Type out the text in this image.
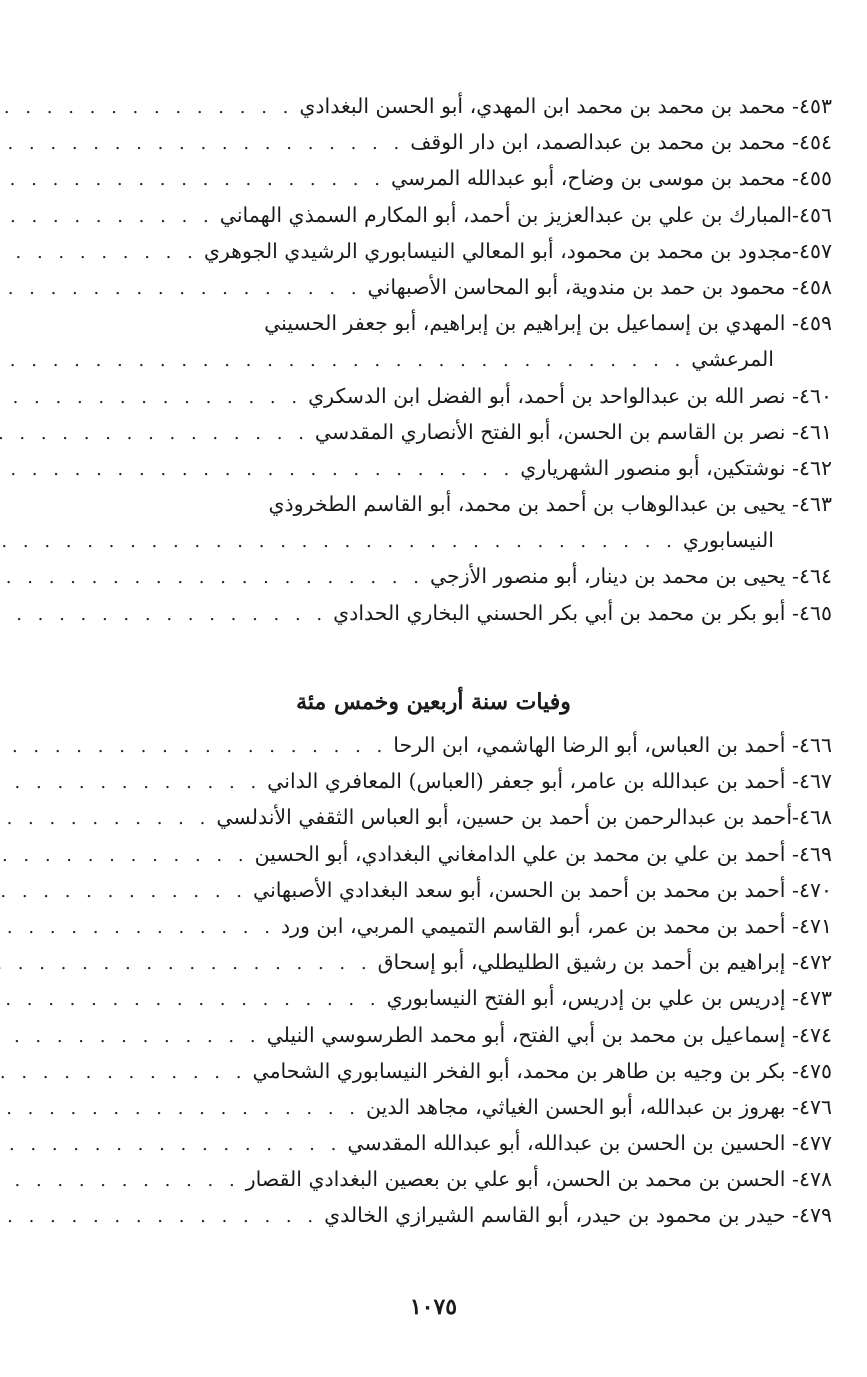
٤٥٣- محمد بن محمد بن محمد ابن المهدي، أبو الحسن البغدادي
. . .
٤٥٤- محمد بن محمد بن عبدالصمد، ابن دار الوقف
. . .
٤٥٥- محمد بن موسى بن وضاح، أبو عبدالله المرسي
. . .
٤٥٦-المبارك بن علي بن عبدالعزيز بن أحمد، أبو المكارم السمذي الهماني
. . .
٤٥٧-مجدود بن محمد بن محمود، أبو المعالي النيسابوري الرشيدي الجوهري
. . .
٤٥٨- محمود بن حمد بن مندوية، أبو المحاسن الأصبهاني
. . .
٤٥٩- المهدي بن إسماعيل بن إبراهيم بن إبراهيم، أبو جعفر الحسيني
المرعشي
. . .
٤٦٠- نصر الله بن عبدالواحد بن أحمد، أبو الفضل ابن الدسكري
. . .
٤٦١- نصر بن القاسم بن الحسن، أبو الفتح الأنصاري المقدسي
. . .
٤٦٢- نوشتكين، أبو منصور الشهرياري
. . .
٤٦٣- يحيى بن عبدالوهاب بن أحمد بن محمد، أبو القاسم الطخروذي
النيسابوري
. . .
٤٦٤- يحيى بن محمد بن دينار، أبو منصور الأزجي
. . .
٤٦٥- أبو بكر بن محمد بن أبي بكر الحسني البخاري الحدادي
. . .
وفيات سنة أربعين وخمس مئة
٤٦٦- أحمد بن العباس، أبو الرضا الهاشمي، ابن الرحا
. . .
٤٦٧- أحمد بن عبدالله بن عامر، أبو جعفر (العباس) المعافري الداني
. . .
٤٦٨-أحمد بن عبدالرحمن بن أحمد بن حسين، أبو العباس الثقفي الأندلسي
. . .
٤٦٩- أحمد بن علي بن محمد بن علي الدامغاني البغدادي، أبو الحسين
. . .
٤٧٠- أحمد بن محمد بن أحمد بن الحسن، أبو سعد البغدادي الأصبهاني
. . .
٤٧١- أحمد بن محمد بن عمر، أبو القاسم التميمي المربي، ابن ورد
. . .
٤٧٢- إبراهيم بن أحمد بن رشيق الطليطلي، أبو إسحاق
. . .
٤٧٣- إدريس بن علي بن إدريس، أبو الفتح النيسابوري
. . .
٤٧٤- إسماعيل بن محمد بن أبي الفتح، أبو محمد الطرسوسي النيلي
. . .
٤٧٥- بكر بن وجيه بن طاهر بن محمد، أبو الفخر النيسابوري الشحامي
. . .
٤٧٦- بهروز بن عبدالله، أبو الحسن الغياثي، مجاهد الدين
. . .
٤٧٧- الحسين بن الحسن بن عبدالله، أبو عبدالله المقدسي
. . .
٤٧٨- الحسن بن محمد بن الحسن، أبو علي بن بعصين البغدادي القصار
. . .
٤٧٩- حيدر بن محمود بن حيدر، أبو القاسم الشيرازي الخالدي
. . .
١٠٧٥
